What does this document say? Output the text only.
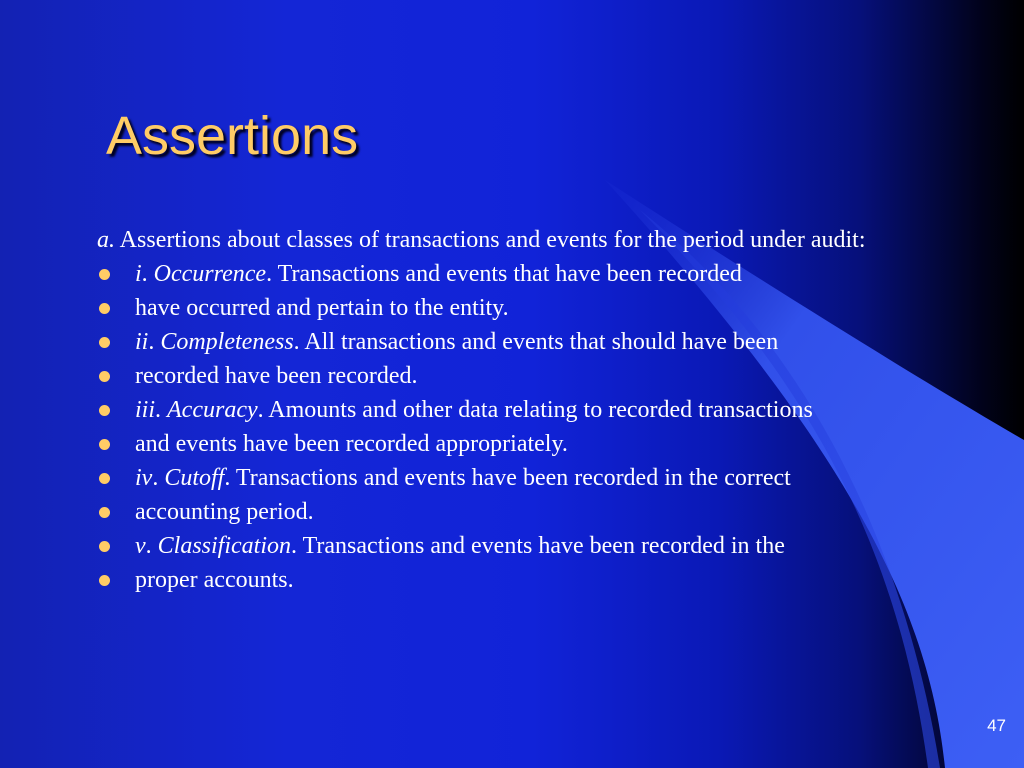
Assertions
a. Assertions about classes of transactions and events for the period under audit:
i. Occurrence. Transactions and events that have been recorded
have occurred and pertain to the entity.
ii. Completeness. All transactions and events that should have been
recorded have been recorded.
iii. Accuracy. Amounts and other data relating to recorded transactions
and events have been recorded appropriately.
iv. Cutoff. Transactions and events have been recorded in the correct
accounting period.
v. Classification. Transactions and events have been recorded in the
proper accounts.
47
